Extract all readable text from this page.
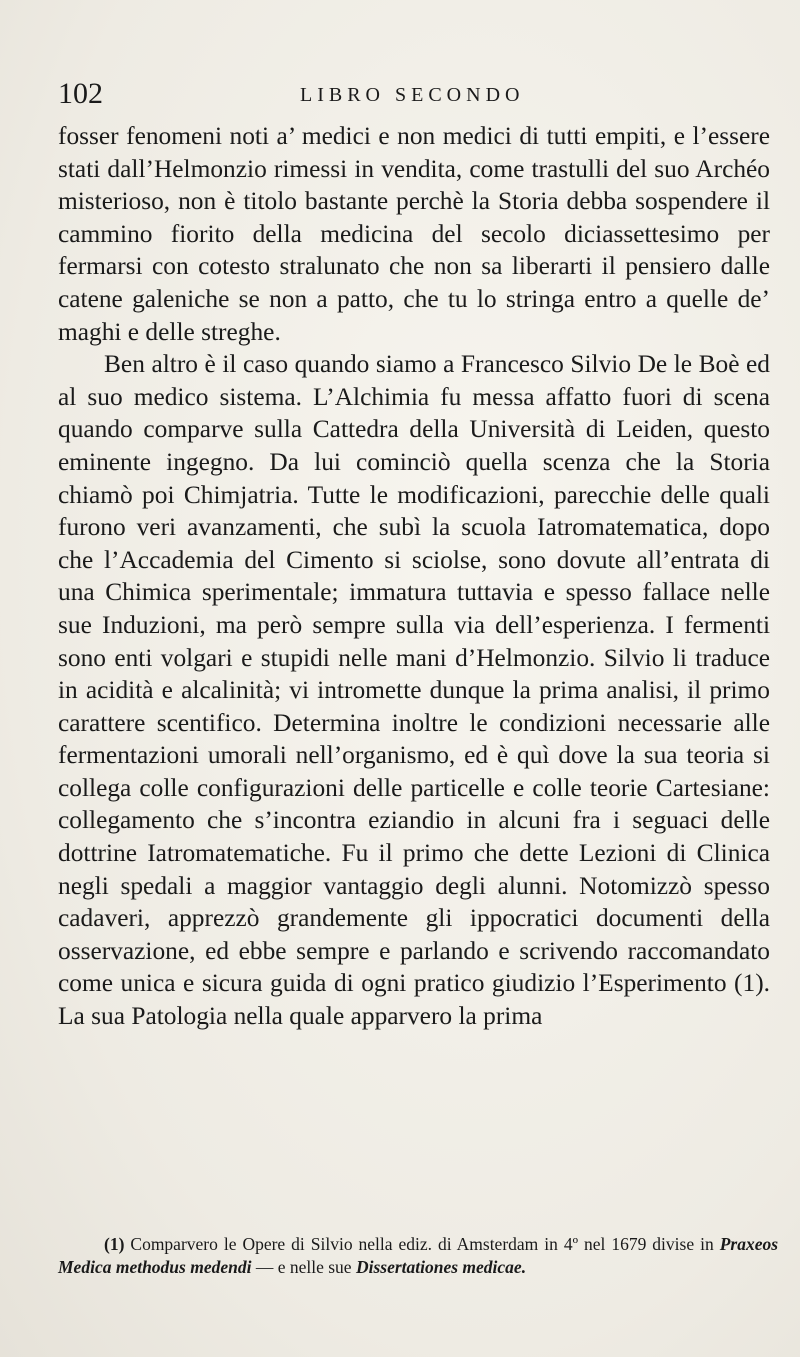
102	LIBRO SECONDO

fosser fenomeni noti a’ medici e non medici di tutti empiti, e l’essere stati dall’Helmonzio rimessi in vendita, come trastulli del suo Archéo misterioso, non è titolo bastante perchè la Storia debba sospendere il cammino fiorito della medicina del secolo diciassettesimo per fermarsi con cotesto stralunato che non sa liberarti il pensiero dalle catene galeniche se non a patto, che tu lo stringa entro a quelle de’ maghi e delle streghe.

Ben altro è il caso quando siamo a Francesco Silvio De le Boè ed al suo medico sistema. L’Alchimia fu messa affatto fuori di scena quando comparve sulla Cattedra della Università di Leiden, questo eminente ingegno. Da lui cominciò quella scenza che la Storia chiamò poi Chimjatria. Tutte le modificazioni, parecchie delle quali furono veri avanzamenti, che subì la scuola Iatromatematica, dopo che l’Accademia del Cimento si sciolse, sono dovute all’entrata di una Chimica sperimentale; immatura tuttavia e spesso fallace nelle sue Induzioni, ma però sempre sulla via dell’esperienza. I fermenti sono enti volgari e stupidi nelle mani d’Helmonzio. Silvio li traduce in acidità e alcalinità; vi intromette dunque la prima analisi, il primo carattere scentifico. Determina inoltre le condizioni necessarie alle fermentazioni umorali nell’organismo, ed è quì dove la sua teoria si collega colle configurazioni delle particelle e colle teorie Cartesiane: collegamento che s’incontra eziandio in alcuni fra i seguaci delle dottrine Iatromatematiche. Fu il primo che dette Lezioni di Clinica negli spedali a maggior vantaggio degli alunni. Notomizzò spesso cadaveri, apprezzò grandemente gli ippocratici documenti della osservazione, ed ebbe sempre e parlando e scrivendo raccomandato come unica e sicura guida di ogni pratico giudizio l’Esperimento (1). La sua Patologia nella quale apparvero la prima

(1) Comparvero le Opere di Silvio nella ediz. di Amsterdam in 4º nel 1679 divise in Praxeos Medica methodus medendi — e nelle sue Dissertationes medicae.
